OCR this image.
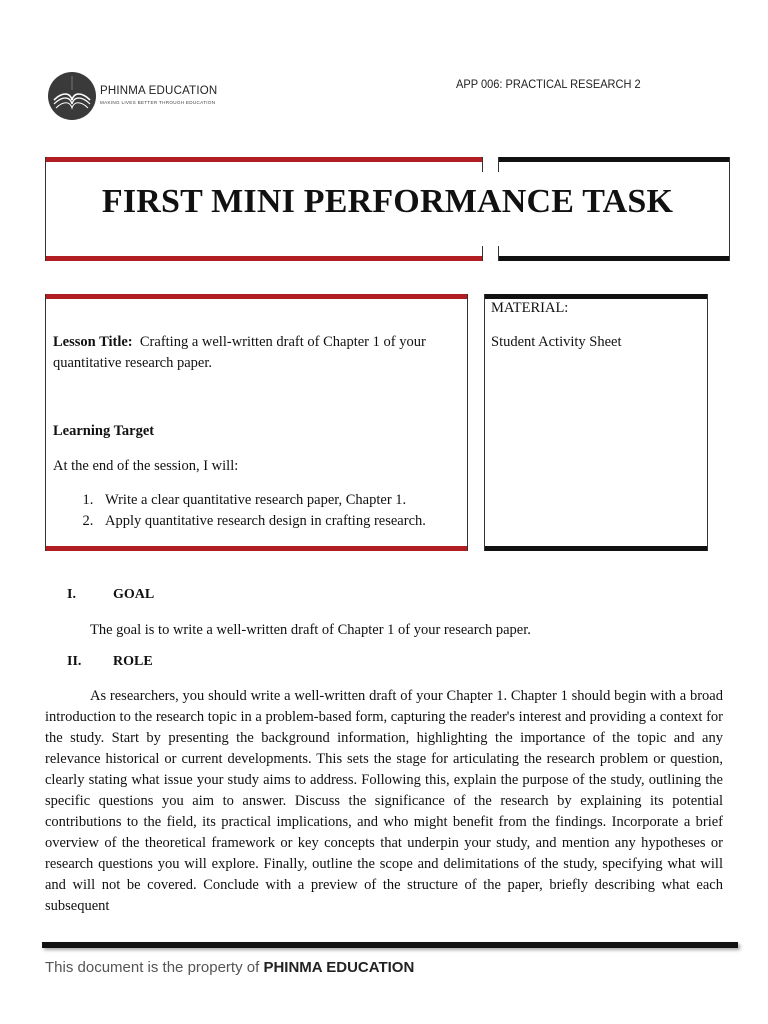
PHINMA EDUCATION
MAKING LIVES BETTER THROUGH EDUCATION
APP 006: PRACTICAL RESEARCH 2
FIRST MINI PERFORMANCE TASK
Lesson Title: Crafting a well-written draft of Chapter 1 of your quantitative research paper.
Learning Target
At the end of the session, I will:
1. Write a clear quantitative research paper, Chapter 1.
2. Apply quantitative research design in crafting research.
MATERIAL:
Student Activity Sheet
I.	GOAL
The goal is to write a well-written draft of Chapter 1 of your research paper.
II. ROLE

As researchers, you should write a well-written draft of your Chapter 1. Chapter 1 should begin with a broad introduction to the research topic in a problem-based form, capturing the reader's interest and providing a context for the study. Start by presenting the background information, highlighting the importance of the topic and any relevance historical or current developments. This sets the stage for articulating the research problem or question, clearly stating what issue your study aims to address. Following this, explain the purpose of the study, outlining the specific questions you aim to answer. Discuss the significance of the research by explaining its potential contributions to the field, its practical implications, and who might benefit from the findings. Incorporate a brief overview of the theoretical framework or key concepts that underpin your study, and mention any hypotheses or research questions you will explore. Finally, outline the scope and delimitations of the study, specifying what will and will not be covered. Conclude with a preview of the structure of the paper, briefly describing what each subsequent

This document is the property of PHINMA EDUCATION
